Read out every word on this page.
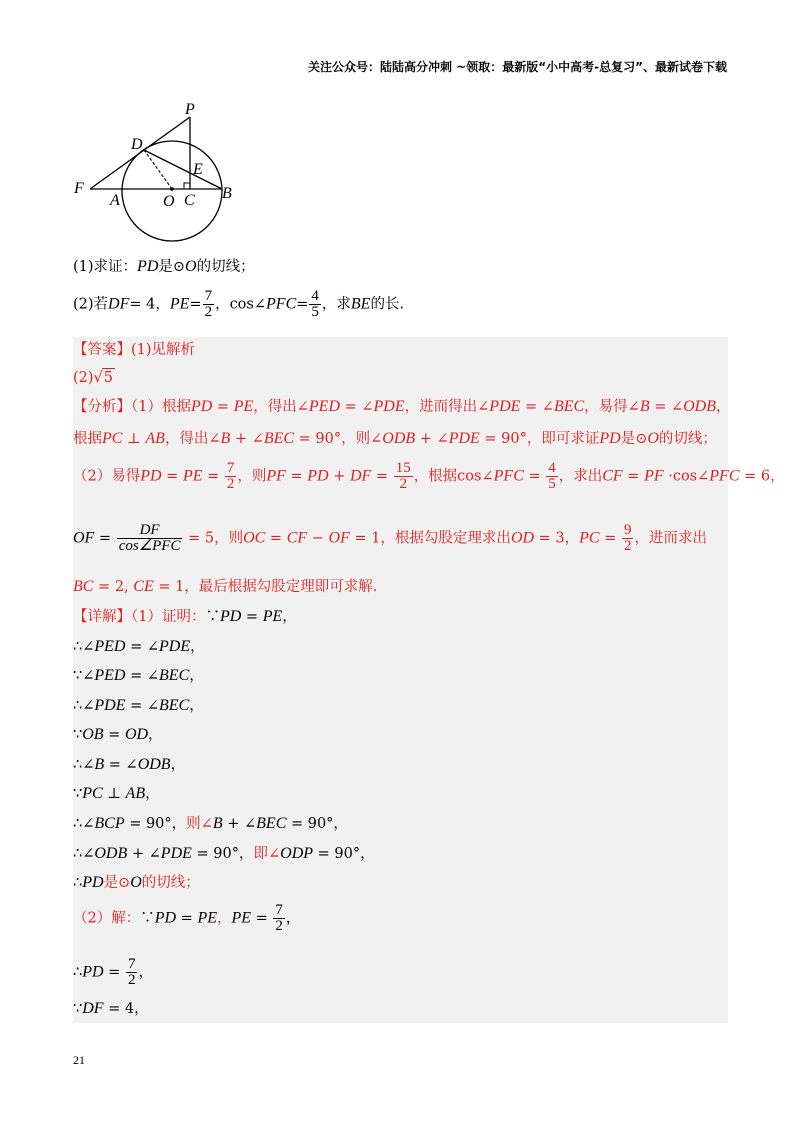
关注公众号：陆陆高分冲刺 ~领取：最新版“小中高考-总复习”、最新试卷下载
P
D
E
F
A	O C B
(1)求证：PD是⊙O的切线；
(2)若DF= 4，$PE= \frac{7}{2}$ ，cos∠PFC= $\frac{4}{5}$ ，求BE的长.
【答案】(1)见解析
(2)√5
【分析】（1）根据PD = PE，得出∠PED = ∠PDE，进而得出∠PDE = ∠BEC，易得∠B = ∠ODB，
根据PC ⊥ AB，得出∠B + ∠BEC = 90°，则∠ODB + ∠PDE = 90°，即可求证PD是⊙O的切线；
（2）易得PD = PE = $\frac{7}{2}$ ，则PF = PD + DF = $\frac{15}{2}$ ，根据cos∠PFC = $\frac{4}{5}$ ，求出CF = PF ·cos∠PFC = 6，
OF =
DF
cos∠PFC = 5，则OC = CF − OF = 1，根据勾股定理求出OD = 3，PC = $\frac{9}{2}$ ，进而求出
BC = 2, CE = 1，最后根据勾股定理即可求解.
【详解】（1）证明：∵PD = PE，
∴∠PED = ∠PDE，
∵∠PED = ∠BEC，
∴∠PDE = ∠BEC，
∵OB = OD，
∴∠B = ∠ODB，
∵PC ⊥ AB，
∴∠BCP = 90°，则∠B + ∠BEC = 90°，
∴∠ODB + ∠PDE = 90°，即∠ODP = 90°，
∴PD是⊙O的切线；
（2）解：∵PD = PE，PE = $\frac{7}{2}$ ，
∴PD = $\frac{7}{2}$ ，
∵DF = 4，
21
